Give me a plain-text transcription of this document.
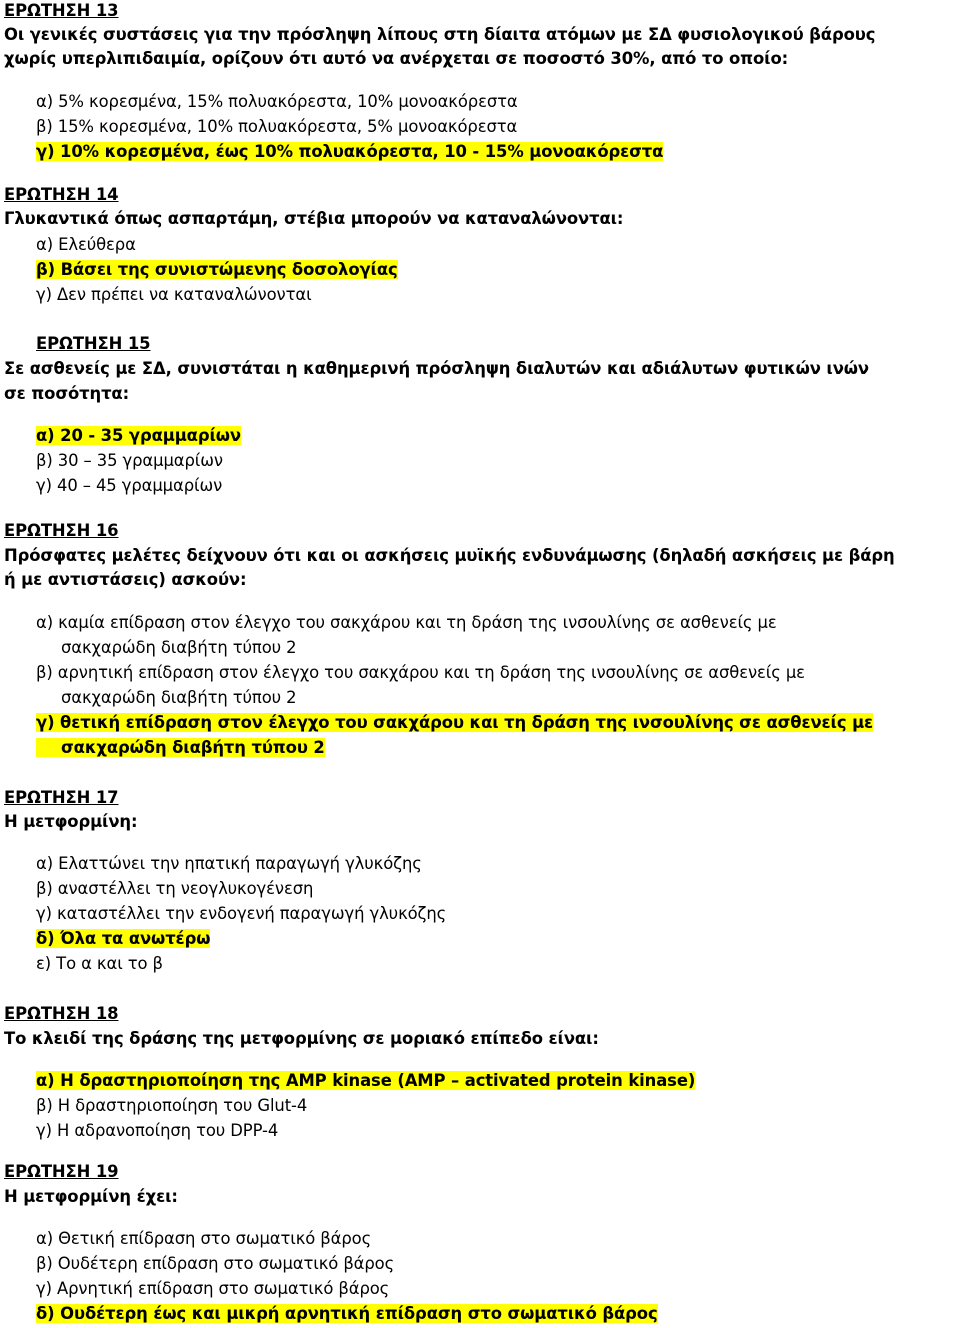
ΕΡΩΤΗΣΗ 13
Οι γενικές συστάσεις για την πρόσληψη λίπους στη δίαιτα ατόμων με ΣΔ φυσιολογικού βάρους
χωρίς υπερλιπιδαιμία, ορίζουν ότι αυτό να ανέρχεται σε ποσοστό 30%, από το οποίο:
α) 5% κορεσμένα, 15% πολυακόρεστα, 10% μονοακόρεστα
β) 15% κορεσμένα, 10% πολυακόρεστα, 5% μονοακόρεστα
γ) 10% κορεσμένα, έως 10% πολυακόρεστα, 10 - 15% μονοακόρεστα
ΕΡΩΤΗΣΗ 14
Γλυκαντικά όπως ασπαρτάμη, στέβια μπορούν να καταναλώνονται:
α) Ελεύθερα
β) Βάσει της συνιστώμενης δοσολογίας
γ) Δεν πρέπει να καταναλώνονται
ΕΡΩΤΗΣΗ 15
Σε ασθενείς με ΣΔ, συνιστάται η καθημερινή πρόσληψη διαλυτών και αδιάλυτων φυτικών ινών
σε ποσότητα:
α) 20 - 35 γραμμαρίων
β) 30 – 35 γραμμαρίων
γ) 40 – 45 γραμμαρίων
ΕΡΩΤΗΣΗ 16
Πρόσφατες μελέτες δείχνουν ότι και οι ασκήσεις μυϊκής ενδυνάμωσης (δηλαδή ασκήσεις με βάρη
ή με αντιστάσεις) ασκούν:
α) καμία επίδραση στον έλεγχο του σακχάρου και τη δράση της ινσουλίνης σε ασθενείς με
σακχαρώδη διαβήτη τύπου 2
β) αρνητική επίδραση στον έλεγχο του σακχάρου και τη δράση της ινσουλίνης σε ασθενείς με
σακχαρώδη διαβήτη τύπου 2
γ) θετική επίδραση στον έλεγχο του σακχάρου και τη δράση της ινσουλίνης σε ασθενείς με
σακχαρώδη διαβήτη τύπου 2
ΕΡΩΤΗΣΗ 17
Η μετφορμίνη:
α) Ελαττώνει την ηπατική παραγωγή γλυκόζης
β) αναστέλλει τη νεογλυκογένεση
γ) καταστέλλει την ενδογενή παραγωγή γλυκόζης
δ) Όλα τα ανωτέρω
ε) Το α και το β
ΕΡΩΤΗΣΗ 18
Το κλειδί της δράσης της μετφορμίνης σε μοριακό επίπεδο είναι:
α) Η δραστηριοποίηση της AMP kinase (AMP – activated protein kinase)
β) Η δραστηριοποίηση του Glut-4
γ) Η αδρανοποίηση του DPP-4
ΕΡΩΤΗΣΗ 19
Η μετφορμίνη έχει:
α) Θετική επίδραση στο σωματικό βάρος
β) Ουδέτερη επίδραση στο σωματικό βάρος
γ) Αρνητική επίδραση στο σωματικό βάρος
δ) Ουδέτερη έως και μικρή αρνητική επίδραση στο σωματικό βάρος
